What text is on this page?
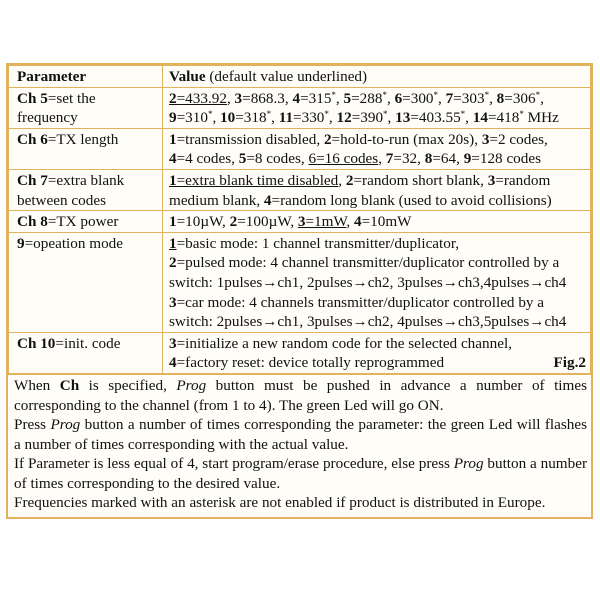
Parameter	Value (default value underlined)
Ch 5=set the frequency	2=433.92, 3=868.3, 4=315*, 5=288*, 6=300*, 7=303*, 8=306*,
9=310*, 10=318*, 11=330*, 12=390*, 13=403.55*, 14=418* MHz

Ch 6=TX length	1=transmission disabled, 2=hold-to-run (max 20s), 3=2 codes,
4=4 codes, 5=8 codes, 6=16 codes, 7=32, 8=64, 9=128 codes

Ch 7=extra blank between codes	1=extra blank time disabled, 2=random short blank, 3=random
medium blank, 4=random long blank (used to avoid collisions)

Ch 8=TX power	1=10µW, 2=100µW, 3=1mW, 4=10mW

9=opeation mode	1=basic mode: 1 channel transmitter/duplicator,
2=pulsed mode: 4 channel transmitter/duplicator controlled by a
switch: 1pulses→ch1, 2pulses→ch2, 3pulses→ch3,4pulses→ch4
3=car mode: 4 channels transmitter/duplicator controlled by a
switch: 2pulses→ch1, 3pulses→ch2, 4pulses→ch3,5pulses→ch4

Ch 10=init. code	3=initialize a new random code for the selected channel,
4=factory reset: device totally reprogrammed Fig.2

When Ch is specified, Prog button must be pushed in advance a number of times corresponding to the channel (from 1 to 4). The green Led will go ON.

Press Prog button a number of times corresponding the parameter: the green Led will flashes a number of times corresponding with the actual value.

If Parameter is less equal of 4, start program/erase procedure, else press Prog button a number of times corresponding to the desired value.

Frequencies marked with an asterisk are not enabled if product is distributed in Europe.
